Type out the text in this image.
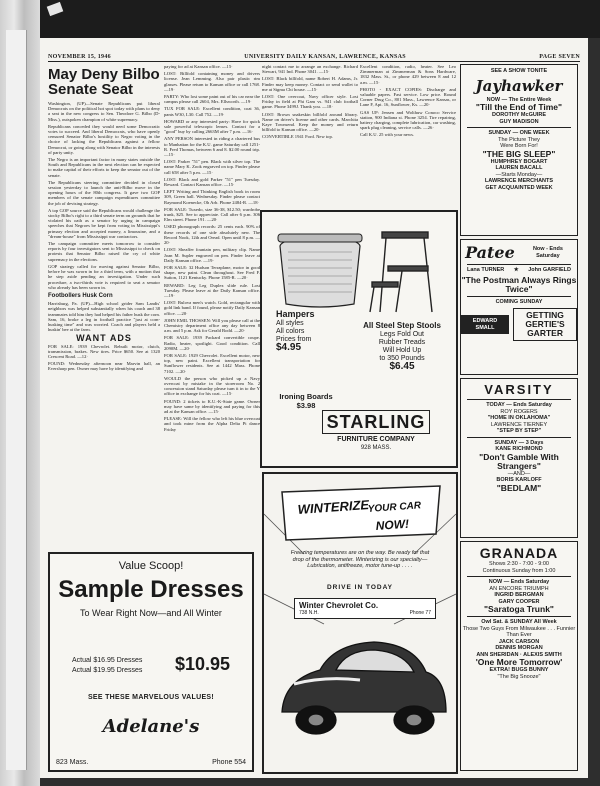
NOVEMBER 15, 1946	UNIVERSITY DAILY KANSAN, LAWRENCE, KANSAS	PAGE SEVEN
May Deny Bilbo Senate Seat

Washington, (UP)—Senate Republicans put liberal Democrats on the political hot spot today with plans to deny a seat in the new congress to Sen. Theodore G. Bilbo (D-Miss.), outspoken champion of white supremacy.

Republicans conceded they would need some Democratic votes to succeed. And liberal Democrats, who have openly censured Senator Bilbo's hostility to Negro voting in the choice of lacking the Republicans against a fellow Democrat, or going along with Senator Bilbo in the interests of party unity.

The Negro is an important factor in many states outside the South and Republicans in the next election can be expected to make capital of their efforts to keep the senator out of the senate.

The Republicans steering committee decided in closed session yesterday to launch the anti-Bilbo move in the opening hours of the 80th congress. It gave two GOP members of the senate campaign expenditures committee the job of devising strategy.

A top GOP source said the Republicans would challenge the stocky Bilbo's right to a third senate term on grounds that he violated his oath as a senator by urging in campaign speeches that Negroes be kept from voting in Mississippi's primary election and accepted money, a limousine, and a "dream-house" from Mississippi war contractors.

The campaign committee meets tomorrow to consider reports by four investigators sent to Mississippi to check on protests that Senator Bilbo raised the cry of white supremacy in the elections.

GOP strategy called for moving against Senator Bilbo, before he was sworn in for a third term, with a motion that he step aside pending an investigation. Under such procedure, a two-thirds vote is required to seat a senator who already has been sworn in.

Footbollers Husk Corn

Harrisburg, Pa. (UP)—High school grider Sam Landis' neighbors was helped substantially when his coach and 38 teammates told him they had helped his father husk the corn. Sam, 16, broke a leg in football practice "just at corn-husking time" and was worried. Coach and players held a huskin' bee at the farm.

WANT ADS

FOR SALE: 1939 Chevrolet. Rebuilt motor, clutch, transmission, brakes. New tires. Price $650. See at 1320 Crescent Road. —12·

FOUND: Wednesday afternoon near Marvin hall, an Eversharp pen. Owner may have by identifying and

paying for ad at Kansan office. —15·

LOST: Billfold containing money and drivers license. Jean Lemming. Also pair plastic rim glasses. Please return to Kansan office or call 1768. —19·

PARTY: Who lost some paint out of his car near the campus please call 2604, Mrs. Ellsworth. —19·

TUX FOR SALE: Excellent condition, coat 36, pants W30, L30. Call 752. —19·

HOWARD or any interested party: Have for quick sale powerful telescopic lenses. Contact for a "good" buy by calling 2663M after 7 p.m. —16·

ANY PERSON interested in riding a chartered bus to Manhattan for the K.U. game Saturday call 1251-R. Fred Thomas, between 6 and 8. $2.00 round trip. —15·

LOST: Parker "51" pen. Black with silver top. The name Mary K. Zook engraved on top. Finder please call 658 after 5 p.m. —15·

LOST: Black and gold Parker "51" pen Tuesday. Reward. Contact Kansan office. —15·

LEFT Writing and Thinking English book in room 309, Green hall. Wednesday. Finder please contact Raymond Koenecke, Oh Arb. Phone 2484-R. —18·

FOR SALE: Tuxedo, size 36-38, $12.50; wardrobe trunk, $25. See to appreciate. Call after 6 p.m. 306 Elm street. Phone 191. —20·

USED phonograph records: 25 cents each. 90% of these records of one side absolutely new. The Record Nook, 12th and Oread. Open until 8 p.m. —20·

LOST: Sheaffer fountain pen, military clip. Name Joan M. Supler engraved on pen. Finder leave at Daily Kansan office. —19·

FOR SALE: 32 Hudson Terraplane, motor in good shape, new paint. Clean throughout. See Fred F. Sutton, 1121 Kentucky. Phone 1585-R. —20·

REWARD: Leg Leg Duplex slide rule. Lost Tuesday. Please leave at the Daily Kansan office. —19·

LOST: Bulova men's watch. Gold, rectangular with gold link band. If found, please notify Daily Kansan office. —20·

JOHN EMIL THOSSEN: Will you please call at the Chemistry department office any day between 8 a.m. and 5 p.m. Ask for Gerald Bodd. —20·

FOR SALE: 1939 Packard convertible coupe. Radio, heater, spotlight. Good condition. Call 2090M. —20·

FOR SALE: 1929 Chevrolet. Excellent motor, new top, new paint. Excellent transportation for Sunflower residents. See at 1442 Mass. Phone 7102. —20·

WOULD the person who picked up a Navy overcoat by mistake in the storeroom No. 2 concession stand Saturday please turn it in to the Y office in exchange for his coat. —15·

FOUND: 2 tickets to K.U.-K-State game. Owner may have same by identifying and paying for this ad at the Kansan office. —15·

PLEASE: Will the fellow who left his blue overcoat and took mine from the Alpha Delta Pi dance Friday

night contact me to arrange an exchange. Richard Stewart, 941 Ind. Phone 3041. —15·

LOST: Black billfold, name Robert H. Adams, Jr. Finder may keep money. Contact or send wallet to me at Sigma Chi house. —15·

LOST: One overcoat, Navy officer style. Lost Friday in field at Phi Gam vs. 941 club football game. Phone 3499J. Thank you. —18·

LOST: Brown snakeskin billfold around library. Name on driver's license and other cards. Marchita Kaye Townsend. Keep the money and return billfold to Kansan office. —20·

CONVERTIBLE 1941 Ford. New top.

Excellent condition, radio, heater. See Leo Zimmerman at Zimmerman & Sons Hardware, 1832 Mass. St., or phone 429 between 8 and 12 a.m. —15·

PHOTO - EXACT COPIES: Discharge and valuable papers. Fast service. Low price. Round Corner Drug Co., 801 Mass., Lawrence Kansas, or Lane F, Apt. 16, Sunflower, Ks. —20·

GAS UP: Jensen and Wolthuw Conoco Service station, 900 Indiana st. Phone 3254. Tire repairing, battery charging, complete lubrication, car washing, spark plug cleaning, service calls. —26·

Call K.U. 25 with your news.

Value Scoop!
Sample Dresses
To Wear Right Now—and All Winter
Actual $16.95 Dresses
Actual $19.95 Dresses $10.95
SEE THESE MARVELOUS VALUES!
Adelane's
823 Mass.	Phone 554
Hampers
All styles
All colors
Prices from
$4.95
All Steel Step Stools
Legs Fold Out
Rubber Treads
Will Hold Up
to 350 Pounds
$6.45
Ironing Boards
$3.98
STARLING
FURNITURE COMPANY
928 MASS.
WINTERIZE
YOUR CAR
NOW!
Freezing temperatures are on the way. Be ready for that drop of the thermometer. Winterizing is our specialty—Lubrication, antifreeze, motor tune-up . . . .
DRIVE IN TODAY
Winter Chevrolet Co.
738 N.H.	Phone 77
SEE A SHOW TONITE
Jayhawker
NOW — The Entire Week
"Till the End of Time"
DOROTHY McGUIRE
GUY MADISON
SUNDAY — ONE WEEK
The Picture They
Were Born For!
"THE BIG SLEEP"
HUMPHREY BOGART
LAUREN BACALL
—Starts Monday—
LAWRENCE MERCHANTS
GET ACQUAINTED WEEK
Patee	Now - Ends Saturday
Lana TURNER ★ John GARFIELD
"The Postman Always Rings Twice"
COMING SUNDAY
EDWARD SMALL
GETTING GERTIE'S GARTER
VARSITY
TODAY — Ends Saturday
ROY ROGERS
"HOME IN OKLAHOMA"
LAWRENCE TIERNEY
"STEP BY STEP"
SUNDAY — 3 Days
KANE RICHMOND
"Don't Gamble With Strangers"
—AND—
BORIS KARLOFF
"BEDLAM"
GRANADA
Shows 2:30 - 7:00 - 9:00
Continuous Sunday from 1:00
NOW — Ends Saturday
AN ENCORE TRIUMPH
INGRID BERGMAN
GARY COOPER
"Saratoga Trunk"
Owl Sat. & SUNDAY All Week
Those Two Guys From Milwaukee . . . Funnier Than Ever
JACK CARSON
DENNIS MORGAN
ANN SHERIDAN · ALEXIS SMITH
'One More Tomorrow'
EXTRA! BUGS BUNNY
"The Big Snooze"
